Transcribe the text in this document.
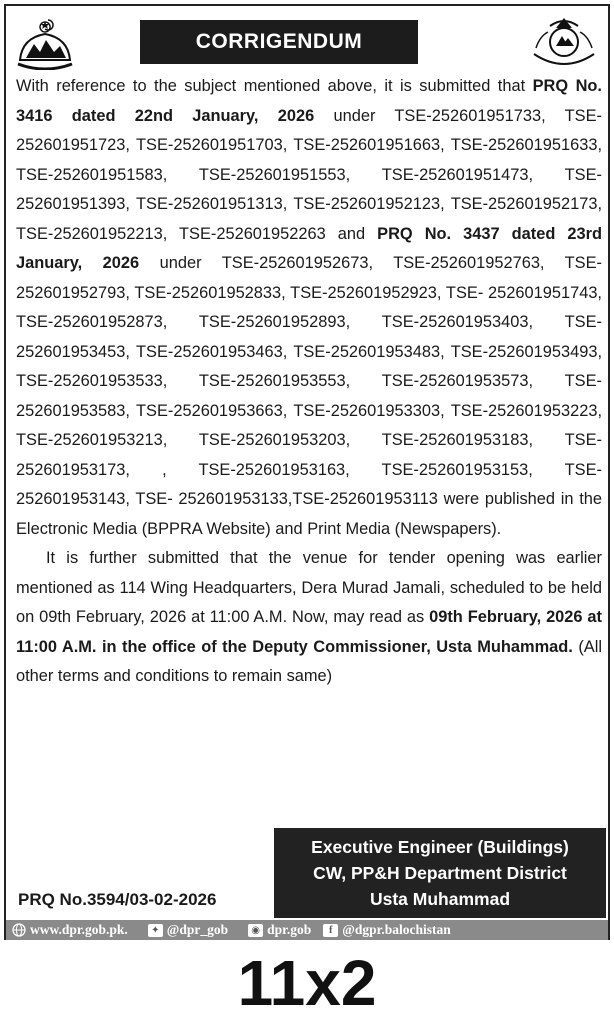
CORRIGENDUM

With reference to the subject mentioned above, it is submitted that PRQ No. 3416 dated 22nd January, 2026 under TSE-252601951733, TSE-252601951723, TSE-252601951703, TSE-252601951663, TSE-252601951633, TSE-252601951583, TSE-252601951553, TSE-252601951473, TSE-252601951393, TSE-252601951313, TSE-252601952123, TSE-252601952173, TSE-252601952213, TSE-252601952263 and PRQ No. 3437 dated 23rd January, 2026 under TSE-252601952673, TSE-252601952763, TSE-252601952793, TSE-252601952833, TSE-252601952923, TSE- 252601951743, TSE-252601952873, TSE-252601952893, TSE-252601953403, TSE-252601953453, TSE-252601953463, TSE-252601953483, TSE-252601953493, TSE-252601953533, TSE-252601953553, TSE-252601953573, TSE-252601953583, TSE-252601953663, TSE-252601953303, TSE-252601953223, TSE-252601953213, TSE-252601953203, TSE-252601953183, TSE-252601953173, , TSE-252601953163, TSE-252601953153, TSE-252601953143, TSE- 252601953133,TSE-252601953113 were published in the Electronic Media (BPPRA Website) and Print Media (Newspapers).

It is further submitted that the venue for tender opening was earlier mentioned as 114 Wing Headquarters, Dera Murad Jamali, scheduled to be held on 09th February, 2026 at 11:00 A.M. Now, may read as 09th February, 2026 at 11:00 A.M. in the office of the Deputy Commissioner, Usta Muhammad. (All other terms and conditions to remain same)

Executive Engineer (Buildings)
CW, PP&H Department District
Usta Muhammad
PRQ No.3594/03-02-2026
www.dpr.gob.pk.	✦ @dpr_gob	◉ dpr.gob	f @dgpr.balochistan
11x2
